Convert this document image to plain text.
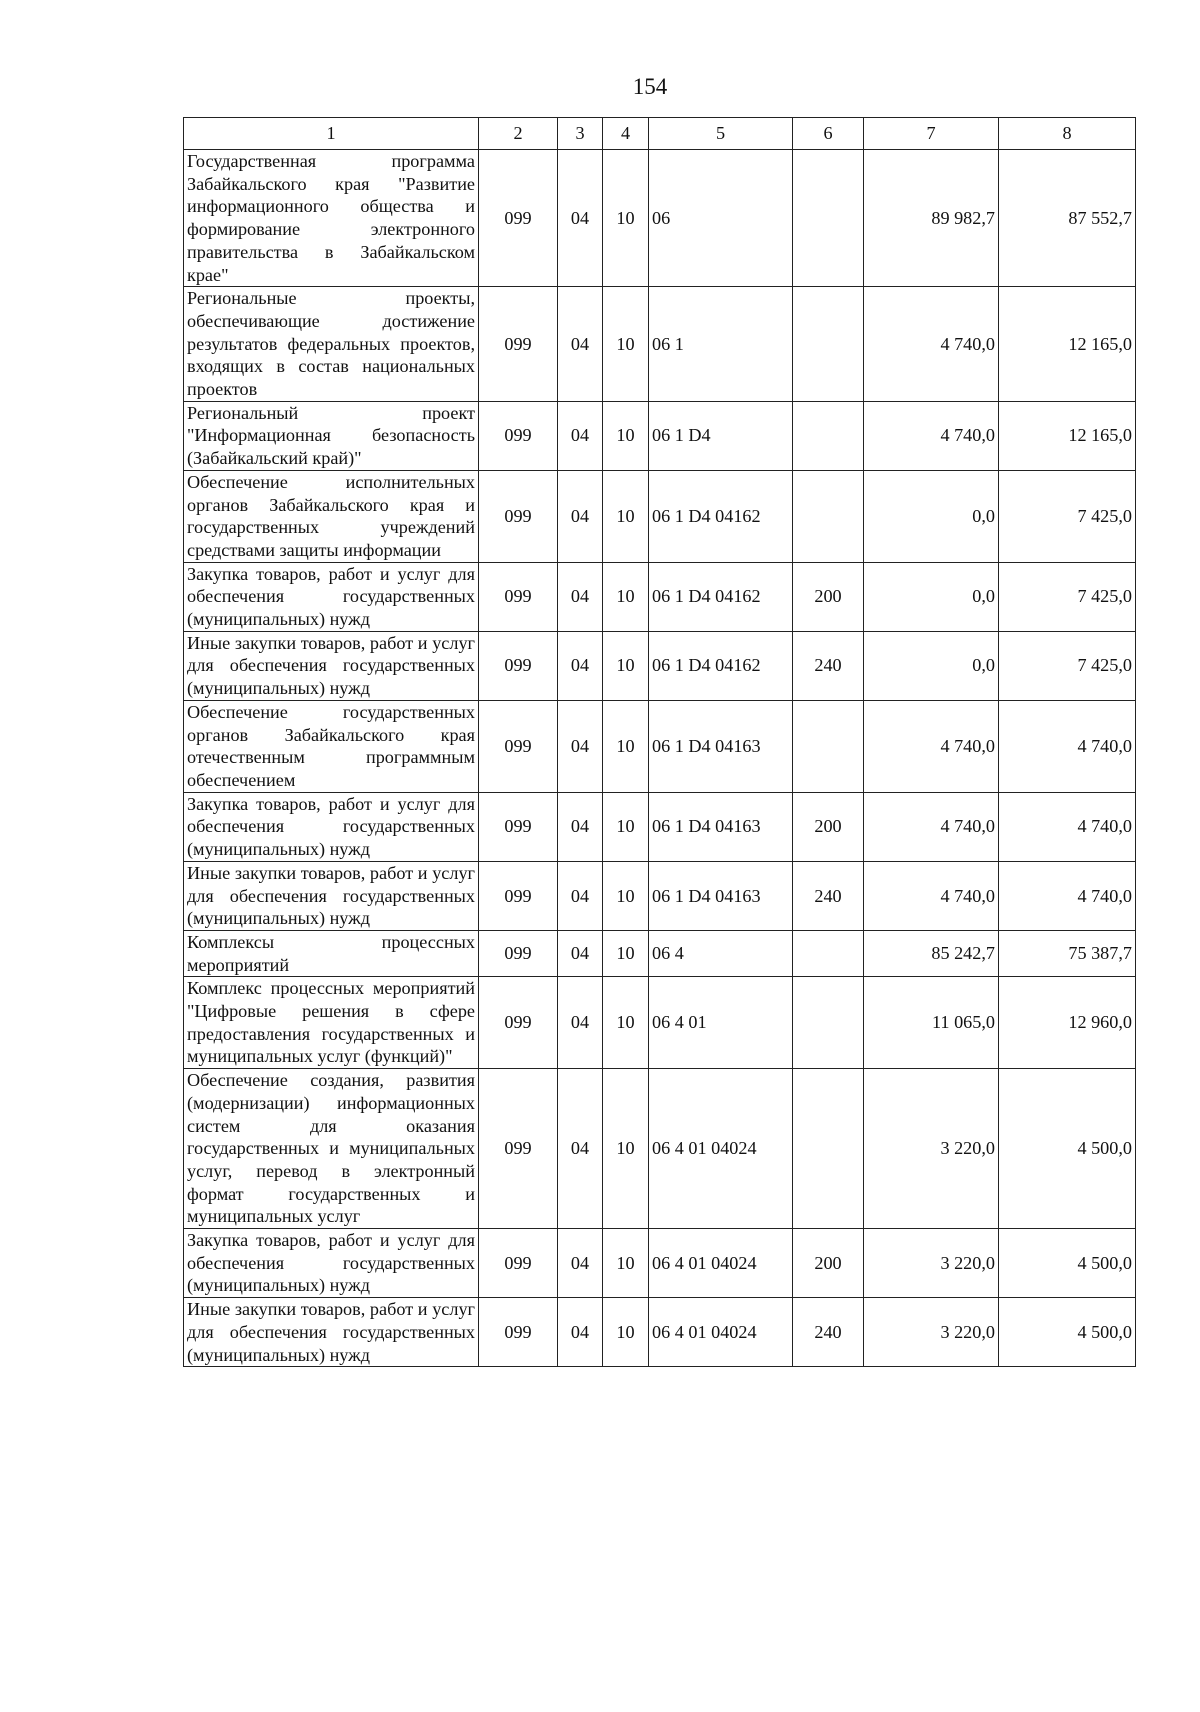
154
1	2	3	4	5	6	7	8
Государственная программа Забайкальского края "Развитие информационного общества и формирование электронного правительства в Забайкальском крае"	099	04	10	06		89 982,7	87 552,7
Региональные проекты, обеспечивающие достижение результатов федеральных проектов, входящих в состав национальных проектов	099	04	10	06 1		4 740,0	12 165,0
Региональный проект "Информационная безопасность (Забайкальский край)"	099	04	10	06 1 D4		4 740,0	12 165,0
Обеспечение исполнительных органов Забайкальского края и государственных учреждений средствами защиты информации	099	04	10	06 1 D4 04162		0,0	7 425,0
Закупка товаров, работ и услуг для обеспечения государственных (муниципальных) нужд	099	04	10	06 1 D4 04162	200	0,0	7 425,0
Иные закупки товаров, работ и услуг для обеспечения государственных (муниципальных) нужд	099	04	10	06 1 D4 04162	240	0,0	7 425,0
Обеспечение государственных органов Забайкальского края отечественным программным обеспечением	099	04	10	06 1 D4 04163		4 740,0	4 740,0
Закупка товаров, работ и услуг для обеспечения государственных (муниципальных) нужд	099	04	10	06 1 D4 04163	200	4 740,0	4 740,0
Иные закупки товаров, работ и услуг для обеспечения государственных (муниципальных) нужд	099	04	10	06 1 D4 04163	240	4 740,0	4 740,0
Комплексы процессных мероприятий	099	04	10	06 4		85 242,7	75 387,7
Комплекс процессных мероприятий "Цифровые решения в сфере предоставления государственных и муниципальных услуг (функций)"	099	04	10	06 4 01		11 065,0	12 960,0
Обеспечение создания, развития (модернизации) информационных систем для оказания государственных и муниципальных услуг, перевод в электронный формат государственных и муниципальных услуг	099	04	10	06 4 01 04024		3 220,0	4 500,0
Закупка товаров, работ и услуг для обеспечения государственных (муниципальных) нужд	099	04	10	06 4 01 04024	200	3 220,0	4 500,0
Иные закупки товаров, работ и услуг для обеспечения государственных (муниципальных) нужд	099	04	10	06 4 01 04024	240	3 220,0	4 500,0
